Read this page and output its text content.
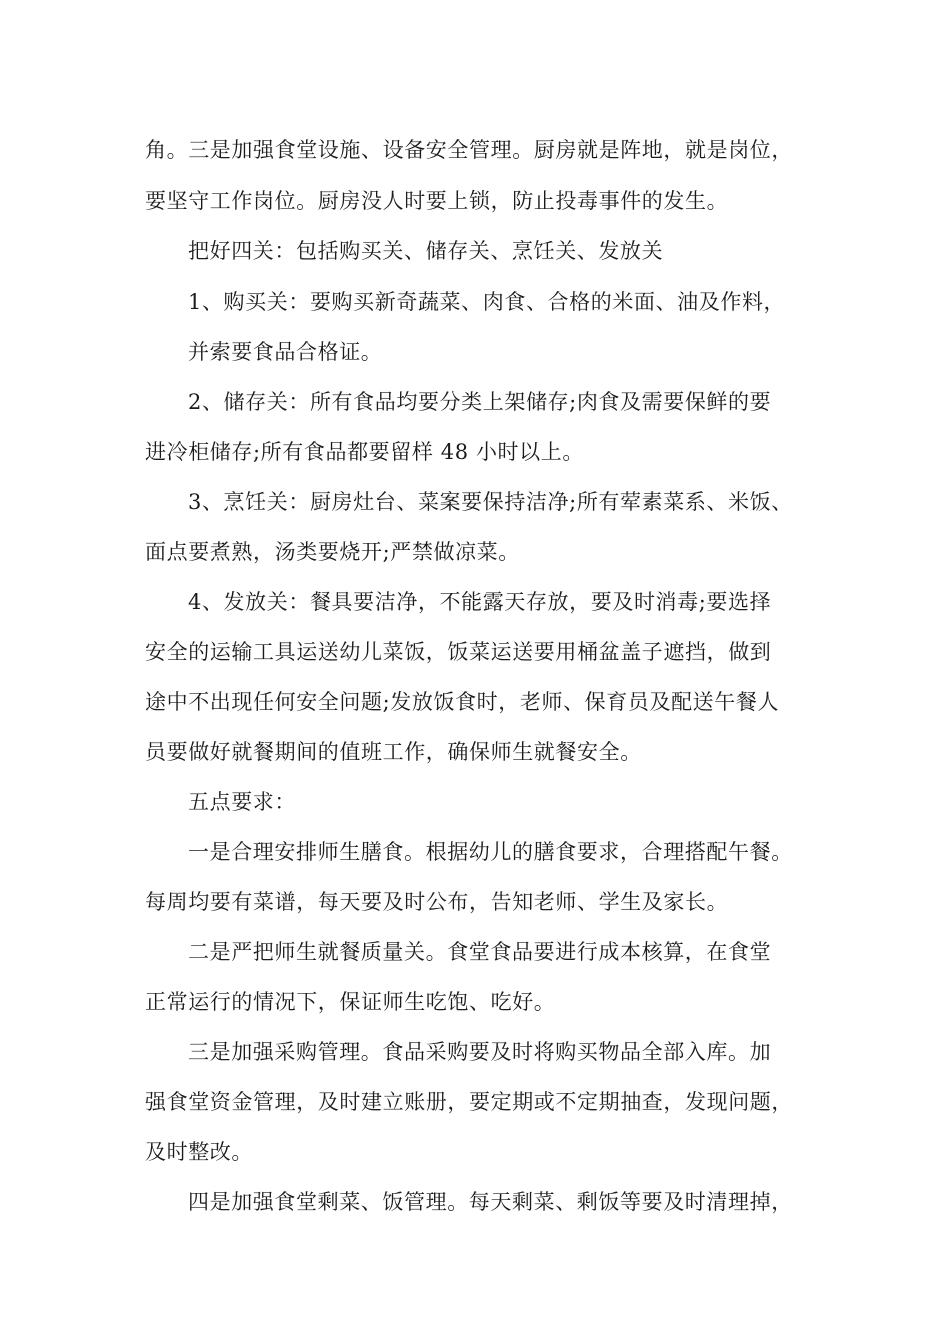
角。三是加强食堂设施、设备安全管理。厨房就是阵地，就是岗位，
要坚守工作岗位。厨房没人时要上锁，防止投毒事件的发生。
把好四关：包括购买关、储存关、烹饪关、发放关
1、购买关：要购买新奇蔬菜、肉食、合格的米面、油及作料，
并索要食品合格证。
2、储存关：所有食品均要分类上架储存;肉食及需要保鲜的要
进冷柜储存;所有食品都要留样 48 小时以上。
3、烹饪关：厨房灶台、菜案要保持洁净;所有荤素菜系、米饭、
面点要煮熟，汤类要烧开;严禁做凉菜。
4、发放关：餐具要洁净，不能露天存放，要及时消毒;要选择
安全的运输工具运送幼儿菜饭，饭菜运送要用桶盆盖子遮挡，做到
途中不出现任何安全问题;发放饭食时，老师、保育员及配送午餐人
员要做好就餐期间的值班工作，确保师生就餐安全。
五点要求：
一是合理安排师生膳食。根据幼儿的膳食要求，合理搭配午餐。
每周均要有菜谱，每天要及时公布，告知老师、学生及家长。
二是严把师生就餐质量关。食堂食品要进行成本核算，在食堂
正常运行的情况下，保证师生吃饱、吃好。
三是加强采购管理。食品采购要及时将购买物品全部入库。加
强食堂资金管理，及时建立账册，要定期或不定期抽查，发现问题，
及时整改。
四是加强食堂剩菜、饭管理。每天剩菜、剩饭等要及时清理掉，
